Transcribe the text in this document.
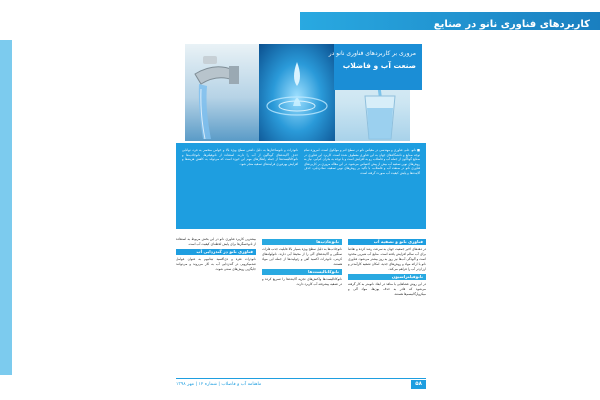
کاربردهای فناوری نانو در صنایع
مروری بر کاربردهای فناوری نانو در
صنعت آب و فاضلاب
■ نانو، علم، فناوری و مهندسی در مقیاس نانو در سطح اتم و مولکول است. امروزه تمام توجه صنایع و دانشگاه‌های جهان به این فناوری معطوف شده است. کاربرد این فناوری در صنایع گوناگون از جمله آب و فاضلاب رو به افزایش است و با توجه به بحران کم‌آبی، نیاز به روش‌های نوین تصفیه آب بیش از پیش احساس می‌شود. در این مقاله مروری بر کاربردهای فناوری نانو در صنعت آب و فاضلاب، با تأکید بر روش‌های نوین تصفیه، نمک‌زدایی، حذف آلاینده‌ها و پایش کیفیت آب صورت گرفته است.
نانوذرات و نانوساختارها به دلیل داشتن سطح ویژه بالا و خواص منحصر به فرد، توانایی حذف آلاینده‌های گوناگون از آب را دارند. استفاده از نانوفیلترها، نانوجاذب‌ها و نانوکاتالیست‌ها از جمله راهکارهای مهم این حوزه است که می‌تواند به کاهش هزینه‌ها و افزایش بهره‌وری فرایندهای تصفیه منجر شود.
فناوری نانو و تصفیه آب
در دهه‌های اخیر جمعیت جهان به سرعت رشد کرده و تقاضا برای آب سالم افزایش یافته است. منابع آب شیرین محدود است و آلودگی آب‌ها نیز روز به روز بیشتر می‌شود. فناوری نانو با ارائه مواد و روش‌های جدید، امکان تصفیه کارآمدتر و ارزان‌تر آب را فراهم می‌کند.
نانوفیلتراسیون
در این روش غشاهایی با منافذ در ابعاد نانومتر به کار گرفته می‌شود که قادر به حذف یون‌ها، مواد آلی و میکروارگانیسم‌ها هستند.
نانوجاذب‌ها
نانوجاذب‌ها به دلیل سطح ویژه بسیار بالا قابلیت جذب فلزات سنگین و آلاینده‌های آلی را از محیط آبی دارند. نانولوله‌های کربنی، نانوذرات اکسید آهن و زئولیت‌ها از جمله این مواد هستند.
نانوکاتالیست‌ها
نانوکاتالیست‌ها واکنش‌های تجزیه آلاینده‌ها را تسریع کرده و در تصفیه پیشرفته آب کاربرد دارند.
بیشترین کاربرد فناوری نانو در این بخش مربوط به استفاده از نانوحسگرها برای پایش لحظه‌ای کیفیت آب است.
فناوری نانو در گندزدایی آب
نانوذرات نقره و دی‌اکسید تیتانیوم به عنوان عوامل ضدمیکروبی در گندزدایی آب به کار می‌روند و می‌توانند جایگزین روش‌های سنتی شوند.
۵۸
ماهنامه آب و فاضلاب | شماره ۱۲ | مهر ۱۳۹۸
